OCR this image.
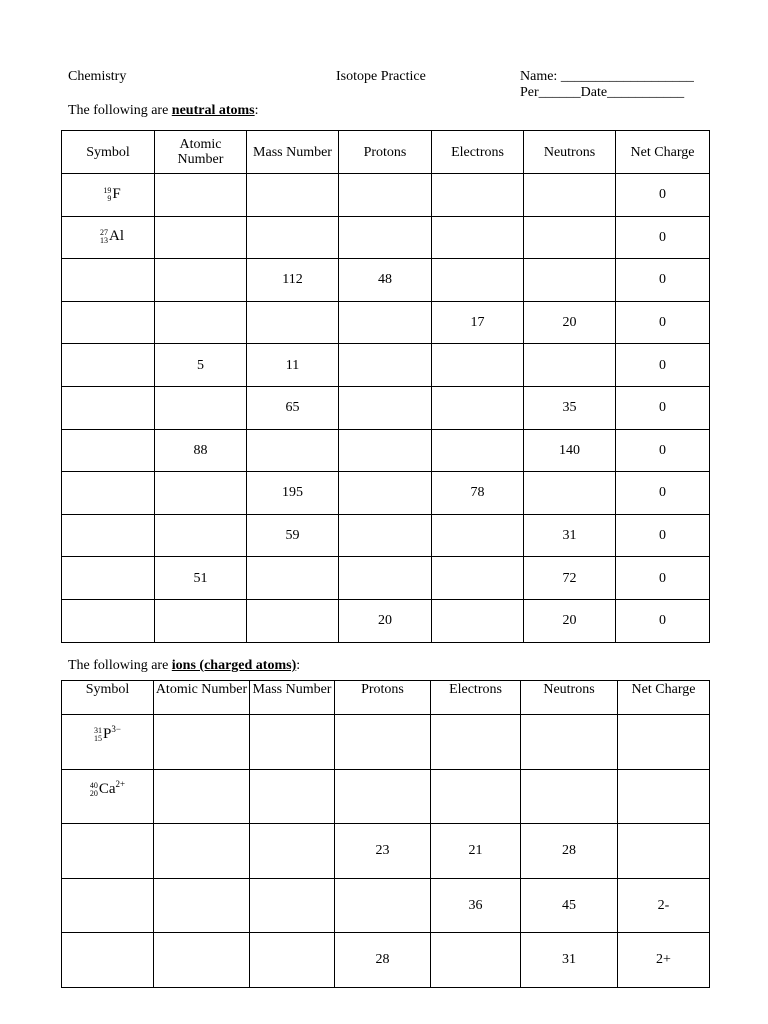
Chemistry	Isotope Practice	Name: ___________________
Per______Date___________
The following are neutral atoms:
Symbol	Atomic Number	Mass Number	Protons	Electrons	Neutrons	Net Charge

19
9 F						0

27
13 Al						0
		112	48			0
				17	20	0
	5	11				0
		65			35	0
	88				140	0
		195		78		0
		59			31	0
	51				72	0
			20		20	0
The following are ions (charged atoms):
Symbol	Atomic Number	Mass Number	Protons	Electrons	Neutrons	Net Charge

31
15 $P^{3-}$						

40
20 $Ca^{2+}$						
			23	21	28	
				36	45	2-
			28		31	2+
